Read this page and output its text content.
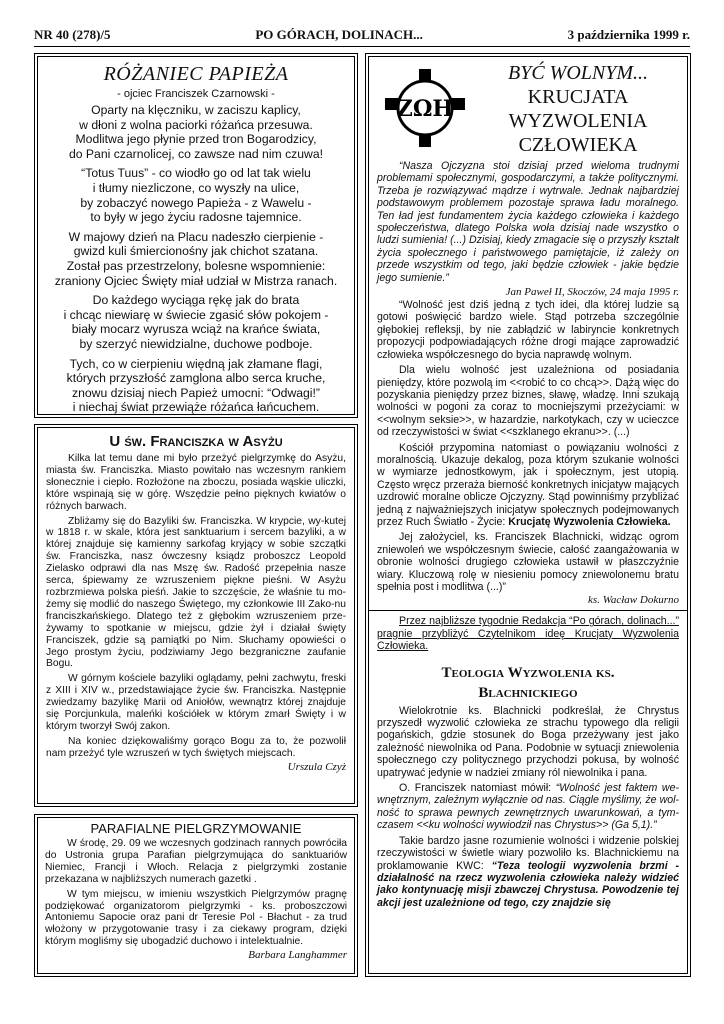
NR 40 (278)/5	PO GÓRACH, DOLINACH...	3 października 1999 r.
RÓŻANIEC PAPIEŻA
- ojciec Franciszek Czarnowski -
Oparty na klęczniku, w zaciszu kaplicy,
w dłoni z wolna paciorki różańca przesuwa.
Modlitwa jego płynie przed tron Bogarodzicy,
do Pani czarnolicej, co zawsze nad nim czuwa!
“Totus Tuus” - co wiodło go od lat tak wielu
i tłumy niezliczone, co wyszły na ulice,
by zobaczyć nowego Papieża - z Wawelu -
to były w jego życiu radosne tajemnice.
W majowy dzień na Placu nadeszło cierpienie -
gwizd kuli śmiercionośny jak chichot szatana.
Został pas przestrzelony, bolesne wspomnienie:
zraniony Ojciec Święty miał udział w Mistrza ranach.
Do każdego wyciąga rękę jak do brata
i chcąc niewiarę w świecie zgasić słów pokojem -
biały mocarz wyrusza wciąż na krańce świata,
by szerzyć niewidzialne, duchowe podboje.
Tych, co w cierpieniu więdną jak złamane flagi,
których przyszłość zamglona albo serca kruche,
znowu dzisiaj niech Papież umocni: “Odwagi!”
i niechaj świat przewiąże różańca łańcuchem.
U św. Franciszka w Asyżu

Kilka lat temu dane mi było przeżyć pielgrzymkę do Asyżu, miasta św. Franciszka. Miasto powitało nas wczesnym rankiem słonecznie i ciepło. Rozłożone na zboczu, posiada wąskie uliczki, które wspinają się w górę. Wszędzie pełno pięknych kwiatów o różnych barwach.

Zbliżamy się do Bazyliki św. Franciszka. W krypcie, wy-kutej w 1818 r. w skale, która jest sanktuarium i sercem bazyliki, a w której znajduje się kamienny sarkofag kryjący w sobie szczątki św. Franciszka, nasz ówczesny ksiądz proboszcz Leopold Zielasko odprawi dla nas Mszę św. Radość przepełnia nasze serca, śpiewamy ze wzruszeniem piękne pieśni. W Asyżu rozbrzmiewa polska pieśń. Jakie to szczęście, że właśnie tu mo-żemy się modlić do naszego Świętego, my członkowie III Zako-nu franciszkańskiego. Dlatego też z głębokim wzruszeniem prze-żywamy to spotkanie w miejscu, gdzie żył i działał święty Franciszek, gdzie są pamiątki po Nim. Słuchamy opowieści o Jego prostym życiu, podziwiamy Jego bezgraniczne zaufanie Bogu.

W górnym kościele bazyliki oglądamy, pełni zachwytu, freski z XIII i XIV w., przedstawiające życie św. Franciszka. Następnie zwiedzamy bazylikę Marii od Aniołów, wewnątrz której znajduje się Porcjunkula, maleńki kościółek w którym zmarł Święty i w którym tworzył Swój zakon.

Na koniec dziękowaliśmy gorąco Bogu za to, że pozwolił nam przeżyć tyle wzruszeń w tych świętych miejscach.

Urszula Czyż
PARAFIALNE PIELGRZYMOWANIE

W środę, 29. 09 we wczesnych godzinach rannych powróciła do Ustronia grupa Parafian pielgrzymująca do sanktuariów Niemiec, Francji i Włoch. Relacja z pielgrzymki zostanie przekazana w najbliższych numerach gazetki .

W tym miejscu, w imieniu wszystkich Pielgrzymów pragnę podziękować organizatorom pielgrzymki - ks. proboszczowi Antoniemu Sapocie oraz pani dr Teresie Pol - Błachut - za trud włożony w przygotowanie trasy i za ciekawy program, dzięki którym mogliśmy się ubogadzić duchowo i intelektualnie.

Barbara Langhammer
ΖΩΗ
BYĆ WOLNYM...
KRUCJATA
WYZWOLENIA
CZŁOWIEKA
“Nasza Ojczyzna stoi dzisiaj przed wieloma trudnymi problemami społecznymi, gospodarczymi, a także politycznymi. Trzeba je rozwiązywać mądrze i wytrwale. Jednak najbardziej podstawowym problemem pozostaje sprawa ładu moralnego. Ten ład jest fundamentem życia każdego człowieka i każdego społeczeństwa, dlatego Polska woła dzisiaj nade wszystko o ludzi sumienia! (...) Dzisiaj, kiedy zmagacie się o przyszły kształt życia społecznego i państwowego pamiętajcie, iż zależy on przede wszystkim od tego, jaki będzie człowiek - jakie będzie jego sumienie.”
Jan Paweł II, Skoczów, 24 maja 1995 r.

“Wolność jest dziś jedną z tych idei, dla której ludzie są gotowi poświęcić bardzo wiele. Stąd potrzeba szczególnie głębokiej refleksji, by nie zabłądzić w labiryncie konkretnych propozycji podpowiadających różne drogi mające zaprowadzić człowieka współczesnego do bycia naprawdę wolnym.

Dla wielu wolność jest uzależniona od posiadania pieniędzy, które pozwolą im <<robić to co chcą>>. Dążą więc do pozyskania pieniędzy przez biznes, sławę, władzę. Inni szukają wolności w pogoni za coraz to mocniejszymi przeżyciami: w <<wolnym seksie>>, w hazardzie, narkotykach, czy w ucieczce od rzeczywistości w świat <<szklanego ekranu>>. (...)

Kościół przypomina natomiast o powiązaniu wolności z moralnością. Ukazuje dekalog, poza którym szukanie wolności w wymiarze jednostkowym, jak i społecznym, jest utopią. Często wręcz przeraża bierność konkretnych inicjatyw mających uzdrowić moralne oblicze Ojczyzny. Stąd powinniśmy przybliżać jedną z najważniejszych inicjatyw społecznych podejmowanych przez Ruch Światło - Życie: Krucjatę Wyzwolenia Człowieka.

Jej założyciel, ks. Franciszek Blachnicki, widząc ogrom zniewoleń we współczesnym świecie, całość zaangażowania w obronie wolności drugiego człowieka ustawił w płaszczyźnie wiary. Kluczową rolę w niesieniu pomocy zniewolonemu bratu spełnia post i modlitwa (...)”

ks. Wacław Dokurno

Przez najbliższe tygodnie Redakcja “Po górach, dolinach...” pragnie przybliżyć Czytelnikom ideę Krucjaty Wyzwolenia Człowieka.

Teologia Wyzwolenia ks.
Blachnickiego

Wielokrotnie ks. Blachnicki podkreślał, że Chrystus przyszedł wyzwolić człowieka ze strachu typowego dla religii pogańskich, gdzie stosunek do Boga przeżywany jest jako zależność niewolnika od Pana. Podobnie w sytuacji zniewolenia społecznego czy politycznego przychodzi pokusa, by wolność upatrywać jedynie w nadziei zmiany ról niewolnika i pana.

O. Franciszek natomiast mówił: “Wolność jest faktem we-wnętrznym, zależnym wyłącznie od nas. Ciągle myślimy, że wol-ność to sprawa pewnych zewnętrznych uwarunkowań, a tym-czasem <<ku wolności wywiodził nas Chrystus>> (Ga 5,1).”

Takie bardzo jasne rozumienie wolności i widzenie polskiej rzeczywistości w świetle wiary pozwoliło ks. Blachnickiemu na proklamowanie KWC: “Teza teologii wyzwolenia brzmi - działalność na rzecz wyzwolenia człowieka należy widzieć jako kontynuację misji zbawczej Chrystusa. Powodzenie tej akcji jest uzależnione od tego, czy znajdzie się
